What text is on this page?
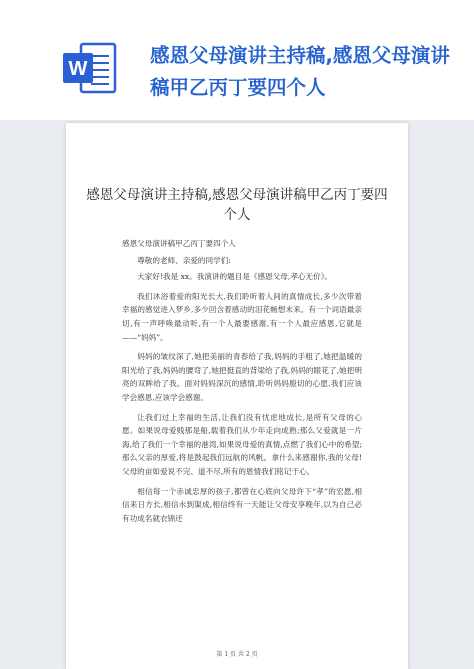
W
感恩父母演讲主持稿,感恩父母演讲稿甲乙丙丁要四个人
感恩父母演讲主持稿,感恩父母演讲稿甲乙丙丁要四个人

感恩父母演讲稿甲乙丙丁要四个人

尊敬的老师、亲爱的同学们:

大家好!我是 xx。我演讲的题目是《感恩父母,孝心无价》。

我们沐浴着爱的阳光长大,我们聆听着人间的真情成长,多少次带着幸福的感觉进入梦乡,多少回含着感动的泪花畅想未来。有一个词语最亲切,有一声呼唤最动听,有一个人最要感谢,有一个人最应感恩,它就是——“妈妈”。

妈妈的皱纹深了,她把美丽的青春给了我,妈妈的手粗了,她把温暖的阳光给了我,妈妈的腰弯了,她把挺直的背梁给了我,妈妈的眼花了,她把明亮的双眸给了我。面对妈妈深沉的感情,聆听妈妈殷切的心愿,我们应该学会感恩,应该学会感谢。

让我们过上幸福的生活,让我们没有忧虑地成长,是所有父母的心愿。如果说母爱贱那是船,载着我们从少年走向成熟;那么父爱就是一片海,给了我们一个幸福的港湾,如果说母爱的真情,点燃了我们心中的希望;那么父亲的厚爱,将是鼓起我们远航的风帆。拿什么来感谢你,我的父母!父母的亩如爱说不完、道不尽,所有的恩情我们铭记于心。

相信每一个赤诚忠厚的孩子,都曾在心底向父母许下“孝”的宏愿,相信来日方长,相信水到渠成,相信终有一天能让父母安享晚年,以为自己必有功成名就衣锦还

第 1 页 共 2 页
